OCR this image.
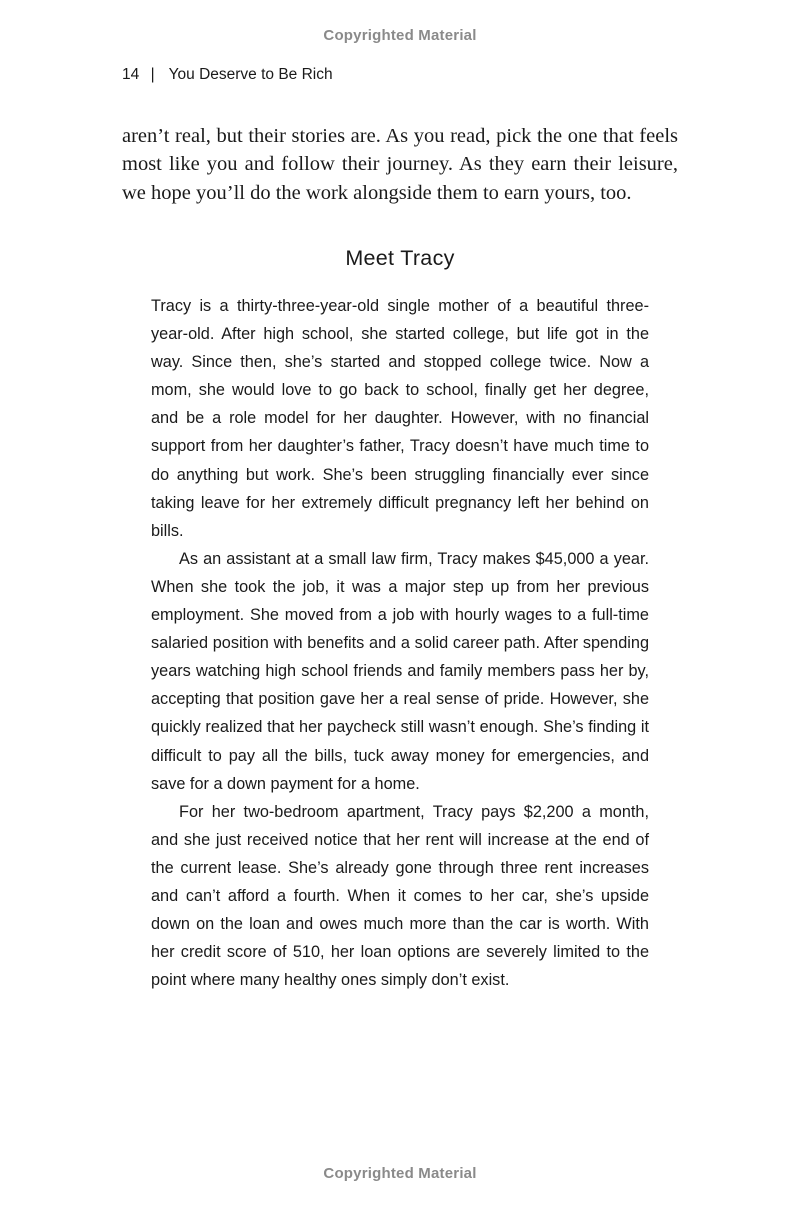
Copyrighted Material
14 | You Deserve to Be Rich

aren’t real, but their stories are. As you read, pick the one that feels most like you and follow their journey. As they earn their leisure, we hope you’ll do the work alongside them to earn yours, too.

Meet Tracy

Tracy is a thirty-three-year-old single mother of a beautiful three-year-old. After high school, she started college, but life got in the way. Since then, she’s started and stopped college twice. Now a mom, she would love to go back to school, finally get her degree, and be a role model for her daughter. However, with no financial support from her daughter’s father, Tracy doesn’t have much time to do anything but work. She’s been struggling financially ever since taking leave for her extremely difficult pregnancy left her behind on bills.

As an assistant at a small law firm, Tracy makes $45,000 a year. When she took the job, it was a major step up from her previous employment. She moved from a job with hourly wages to a full-time salaried position with benefits and a solid career path. After spending years watching high school friends and family members pass her by, accepting that position gave her a real sense of pride. However, she quickly realized that her paycheck still wasn’t enough. She’s finding it difficult to pay all the bills, tuck away money for emergencies, and save for a down payment for a home.

For her two-bedroom apartment, Tracy pays $2,200 a month, and she just received notice that her rent will increase at the end of the current lease. She’s already gone through three rent increases and can’t afford a fourth. When it comes to her car, she’s upside down on the loan and owes much more than the car is worth. With her credit score of 510, her loan options are severely limited to the point where many healthy ones simply don’t exist.

Copyrighted Material
